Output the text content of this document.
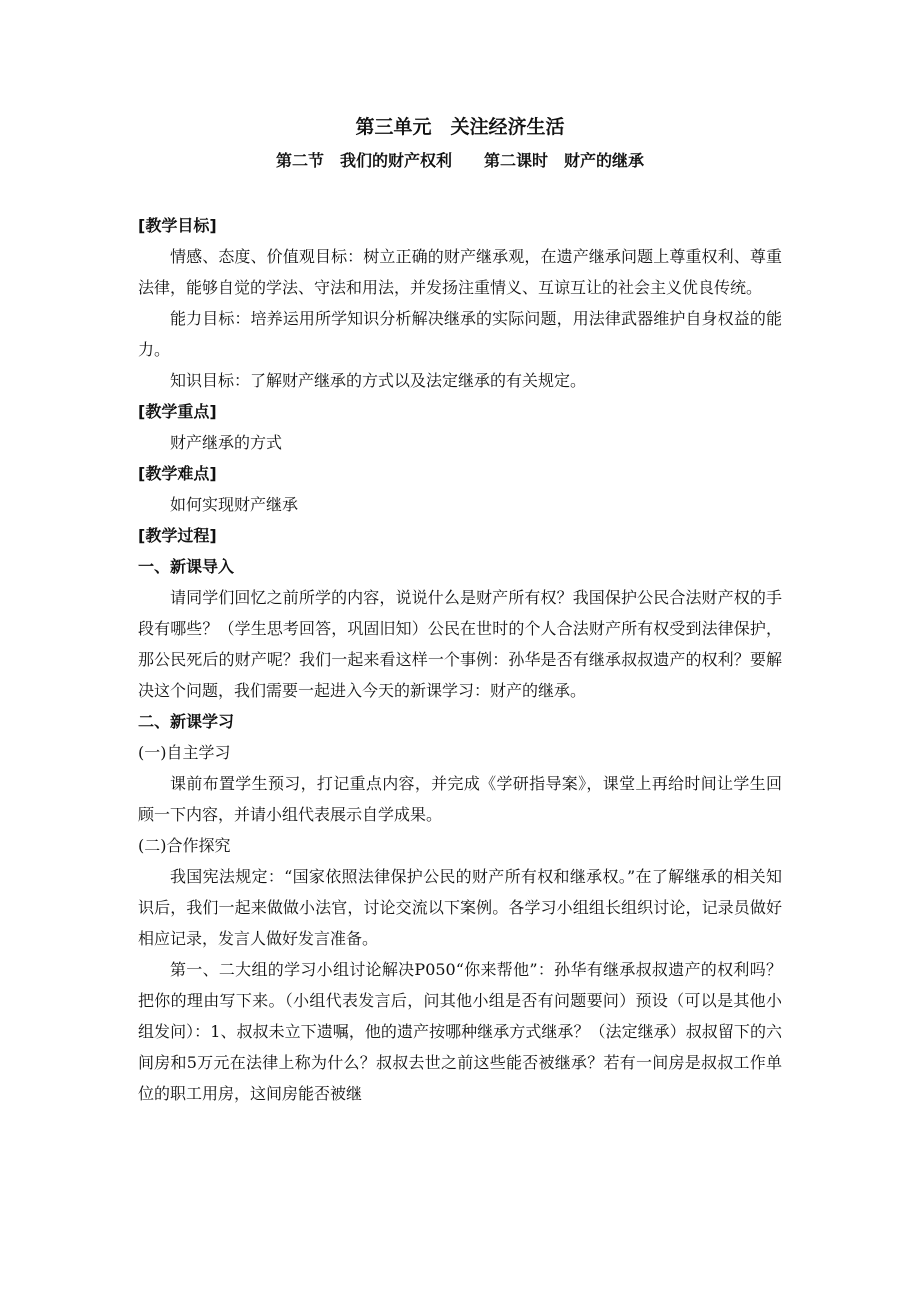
第三单元　关注经济生活
第二节　我们的财产权利　　第二课时　财产的继承

[教学目标]

情感、态度、价值观目标：树立正确的财产继承观，在遗产继承问题上尊重权利、尊重法律，能够自觉的学法、守法和用法，并发扬注重情义、互谅互让的社会主义优良传统。

能力目标：培养运用所学知识分析解决继承的实际问题，用法律武器维护自身权益的能力。

知识目标：了解财产继承的方式以及法定继承的有关规定。

[教学重点]

财产继承的方式

[教学难点]

如何实现财产继承

[教学过程]

一、新课导入

请同学们回忆之前所学的内容，说说什么是财产所有权？我国保护公民合法财产权的手段有哪些？（学生思考回答，巩固旧知）公民在世时的个人合法财产所有权受到法律保护，那公民死后的财产呢？我们一起来看这样一个事例：孙华是否有继承叔叔遗产的权利？要解决这个问题，我们需要一起进入今天的新课学习：财产的继承。

二、新课学习

(一)自主学习

课前布置学生预习，打记重点内容，并完成《学研指导案》，课堂上再给时间让学生回顾一下内容，并请小组代表展示自学成果。

(二)合作探究

我国宪法规定：“国家依照法律保护公民的财产所有权和继承权。”在了解继承的相关知识后，我们一起来做做小法官，讨论交流以下案例。各学习小组组长组织讨论，记录员做好相应记录，发言人做好发言准备。

第一、二大组的学习小组讨论解决P050“你来帮他”：孙华有继承叔叔遗产的权利吗？把你的理由写下来。（小组代表发言后，问其他小组是否有问题要问）预设（可以是其他小组发问）：1、叔叔未立下遗嘱，他的遗产按哪种继承方式继承？（法定继承）叔叔留下的六间房和5万元在法律上称为什么？叔叔去世之前这些能否被继承？若有一间房是叔叔工作单位的职工用房，这间房能否被继
